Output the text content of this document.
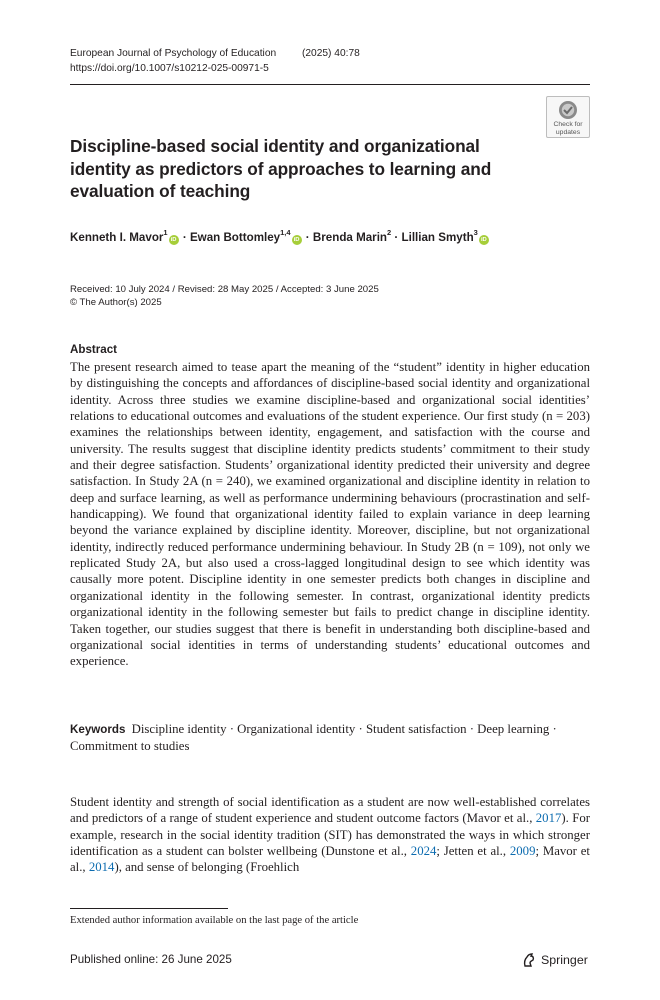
European Journal of Psychology of Education	(2025) 40:78
https://doi.org/10.1007/s10212-025-00971-5
Check for
updates
Discipline-based social identity and organizational identity as predictors of approaches to learning and evaluation of teaching
Kenneth I. Mavor$^1$iD · Ewan Bottomley$^{1,4}$iD · Brenda Marin$^2$ · Lillian Smyth$^3$iD
Received: 10 July 2024 / Revised: 28 May 2025 / Accepted: 3 June 2025
© The Author(s) 2025
Abstract

The present research aimed to tease apart the meaning of the “student” identity in higher education by distinguishing the concepts and affordances of discipline-based social identity and organizational identity. Across three studies we examine discipline-based and organizational social identities’ relations to educational outcomes and evaluations of the student experience. Our first study (n = 203) examines the relationships between identity, engagement, and satisfaction with the course and university. The results suggest that discipline identity predicts students’ commitment to their study and their degree satisfaction. Students’ organizational identity predicted their university and degree satisfaction. In Study 2A (n = 240), we examined organizational and discipline identity in relation to deep and surface learning, as well as performance undermining behaviours (procrastination and self-handicapping). We found that organizational identity failed to explain variance in deep learning beyond the variance explained by discipline identity. Moreover, discipline, but not organizational identity, indirectly reduced performance undermining behaviour. In Study 2B (n = 109), not only we replicated Study 2A, but also used a cross-lagged longitudinal design to see which identity was causally more potent. Discipline identity in one semester predicts both changes in discipline and organizational identity in the following semester. In contrast, organizational identity predicts organizational identity in the following semester but fails to predict change in discipline identity. Taken together, our studies suggest that there is benefit in understanding both discipline-based and organizational social identities in terms of understanding students’ educational outcomes and experience.

Keywords Discipline identity · Organizational identity · Student satisfaction · Deep learning · Commitment to studies

Student identity and strength of social identification as a student are now well-established correlates and predictors of a range of student experience and student outcome factors (Mavor et al., 2017). For example, research in the social identity tradition (SIT) has demonstrated the ways in which stronger identification as a student can bolster wellbeing (Dunstone et al., 2024; Jetten et al., 2009; Mavor et al., 2014), and sense of belonging (Froehlich

Extended author information available on the last page of the article

Published online: 26 June 2025	Springer
